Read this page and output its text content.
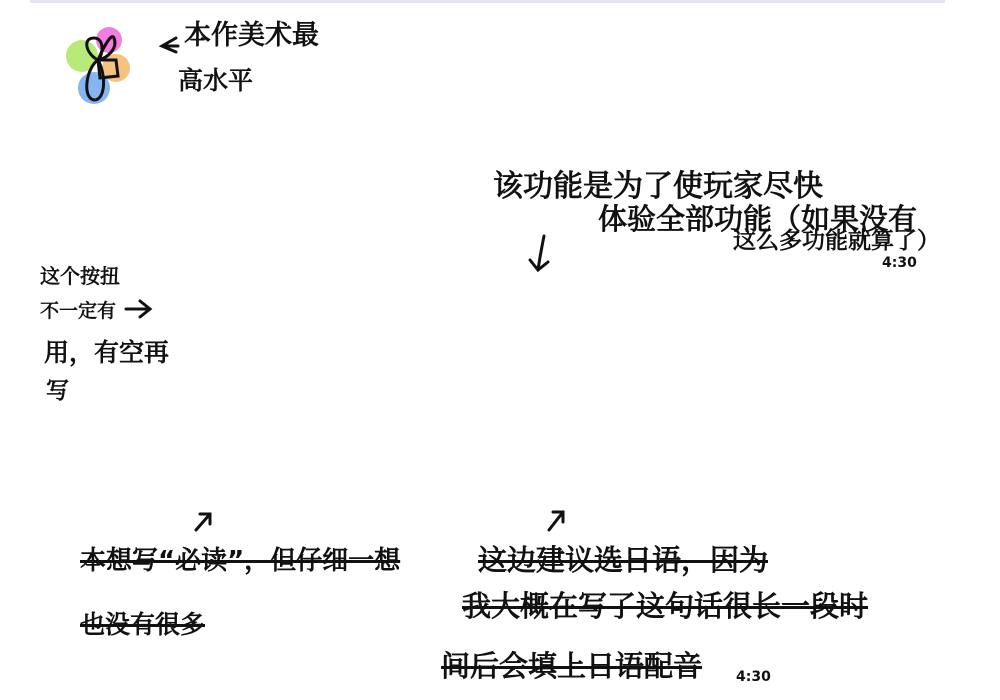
本作美术最
高水平
该功能是为了使玩家尽快
体验全部功能（如果没有
这么多功能就算了）
4:30
这个按扭
不一定有
用，有空再
写
本想写“必读”，但仔细一想
也没有很多
这边建议选日语，因为
我大概在写了这句话很长一段时
间后会填上日语配音 4:30
